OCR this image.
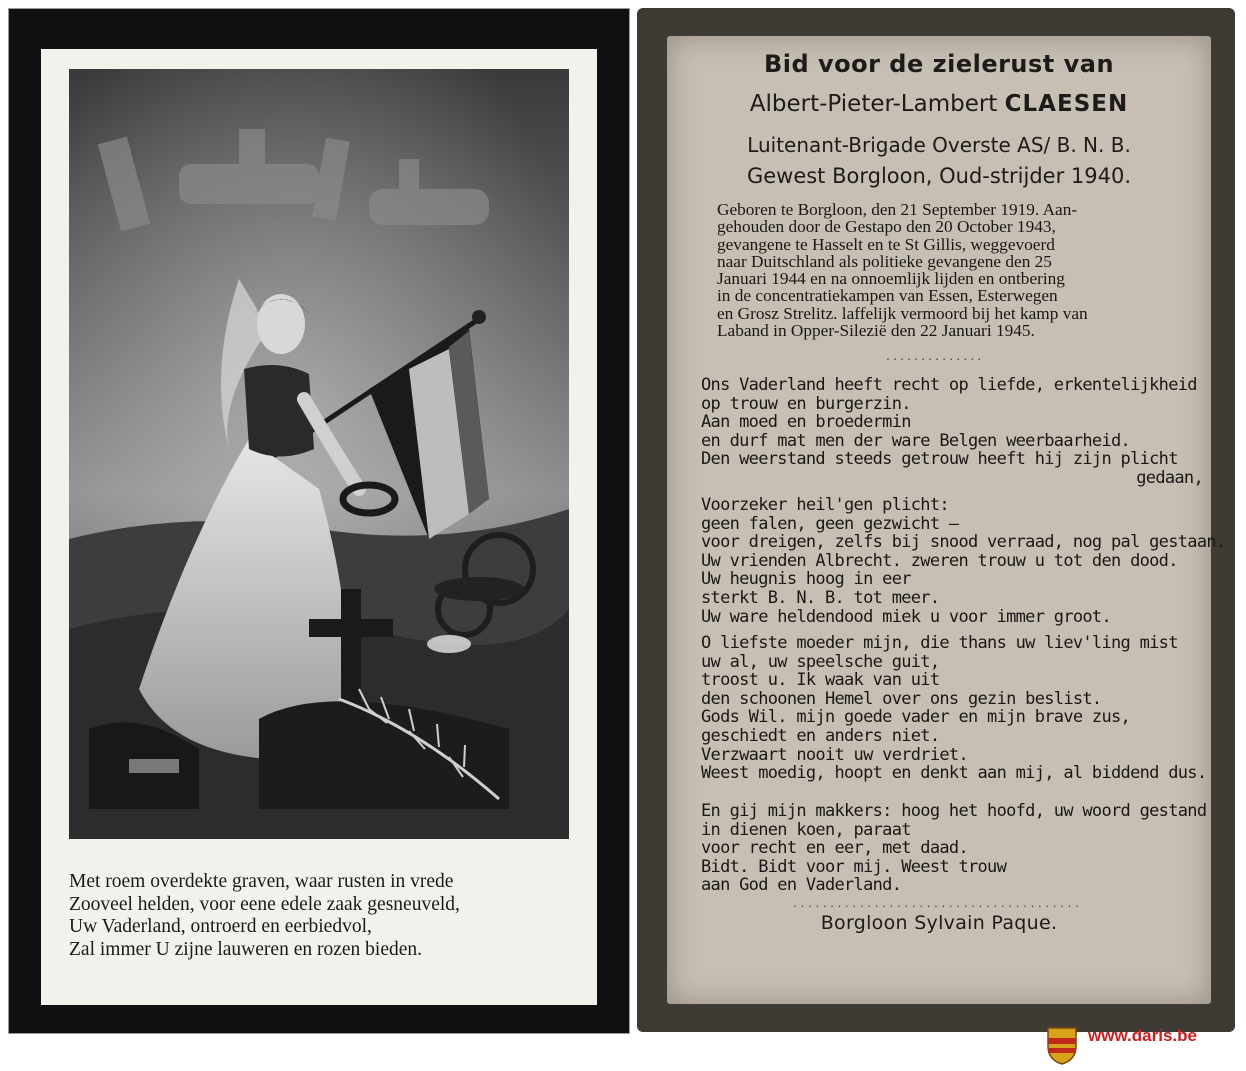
Met roem overdekte graven, waar rusten in vrede
Zooveel helden, voor eene edele zaak gesneuveld,
Uw Vaderland, ontroerd en eerbiedvol,
Zal immer U zijne lauweren en rozen bieden.
Bid voor de zielerust van
Albert-Pieter-Lambert CLAESEN
Luitenant-Brigade Overste AS/ B. N. B.
Gewest Borgloon, Oud-strijder 1940.
Geboren te Borgloon, den 21 September 1919. Aan-
gehouden door de Gestapo den 20 October 1943,
gevangene te Hasselt en te St Gillis, weggevoerd
naar Duitschland als politieke gevangene den 25
Januari 1944 en na onnoemlijk lijden en ontbering
in de concentratiekampen van Essen, Esterwegen
en Grosz Strelitz. laffelijk vermoord bij het kamp van
Laband in Opper-Silezië den 22 Januari 1945.
..............
Ons Vaderland heeft recht op liefde, erkentelijkheid
op trouw en burgerzin.
Aan moed en broedermin
en durf mat men der ware Belgen weerbaarheid.
Den weerstand steeds getrouw heeft hij zijn plicht
gedaan,
Voorzeker heil'gen plicht:
geen falen, geen gezwicht —
voor dreigen, zelfs bij snood verraad, nog pal gestaan.
Uw vrienden Albrecht. zweren trouw u tot den dood.
Uw heugnis hoog in eer
sterkt B. N. B. tot meer.
Uw ware heldendood miek u voor immer groot.
O liefste moeder mijn, die thans uw liev'ling mist
uw al, uw speelsche guit,
troost u. Ik waak van uit
den schoonen Hemel over ons gezin beslist.
Gods Wil. mijn goede vader en mijn brave zus,
geschiedt en anders niet.
Verzwaart nooit uw verdriet.
Weest moedig, hoopt en denkt aan mij, al biddend dus.
En gij mijn makkers: hoog het hoofd, uw woord gestand
in dienen koen, paraat
voor recht en eer, met daad.
Bidt. Bidt voor mij. Weest trouw
aan God en Vaderland.
.......................................
Borgloon Sylvain Paque.
www.daris.be
